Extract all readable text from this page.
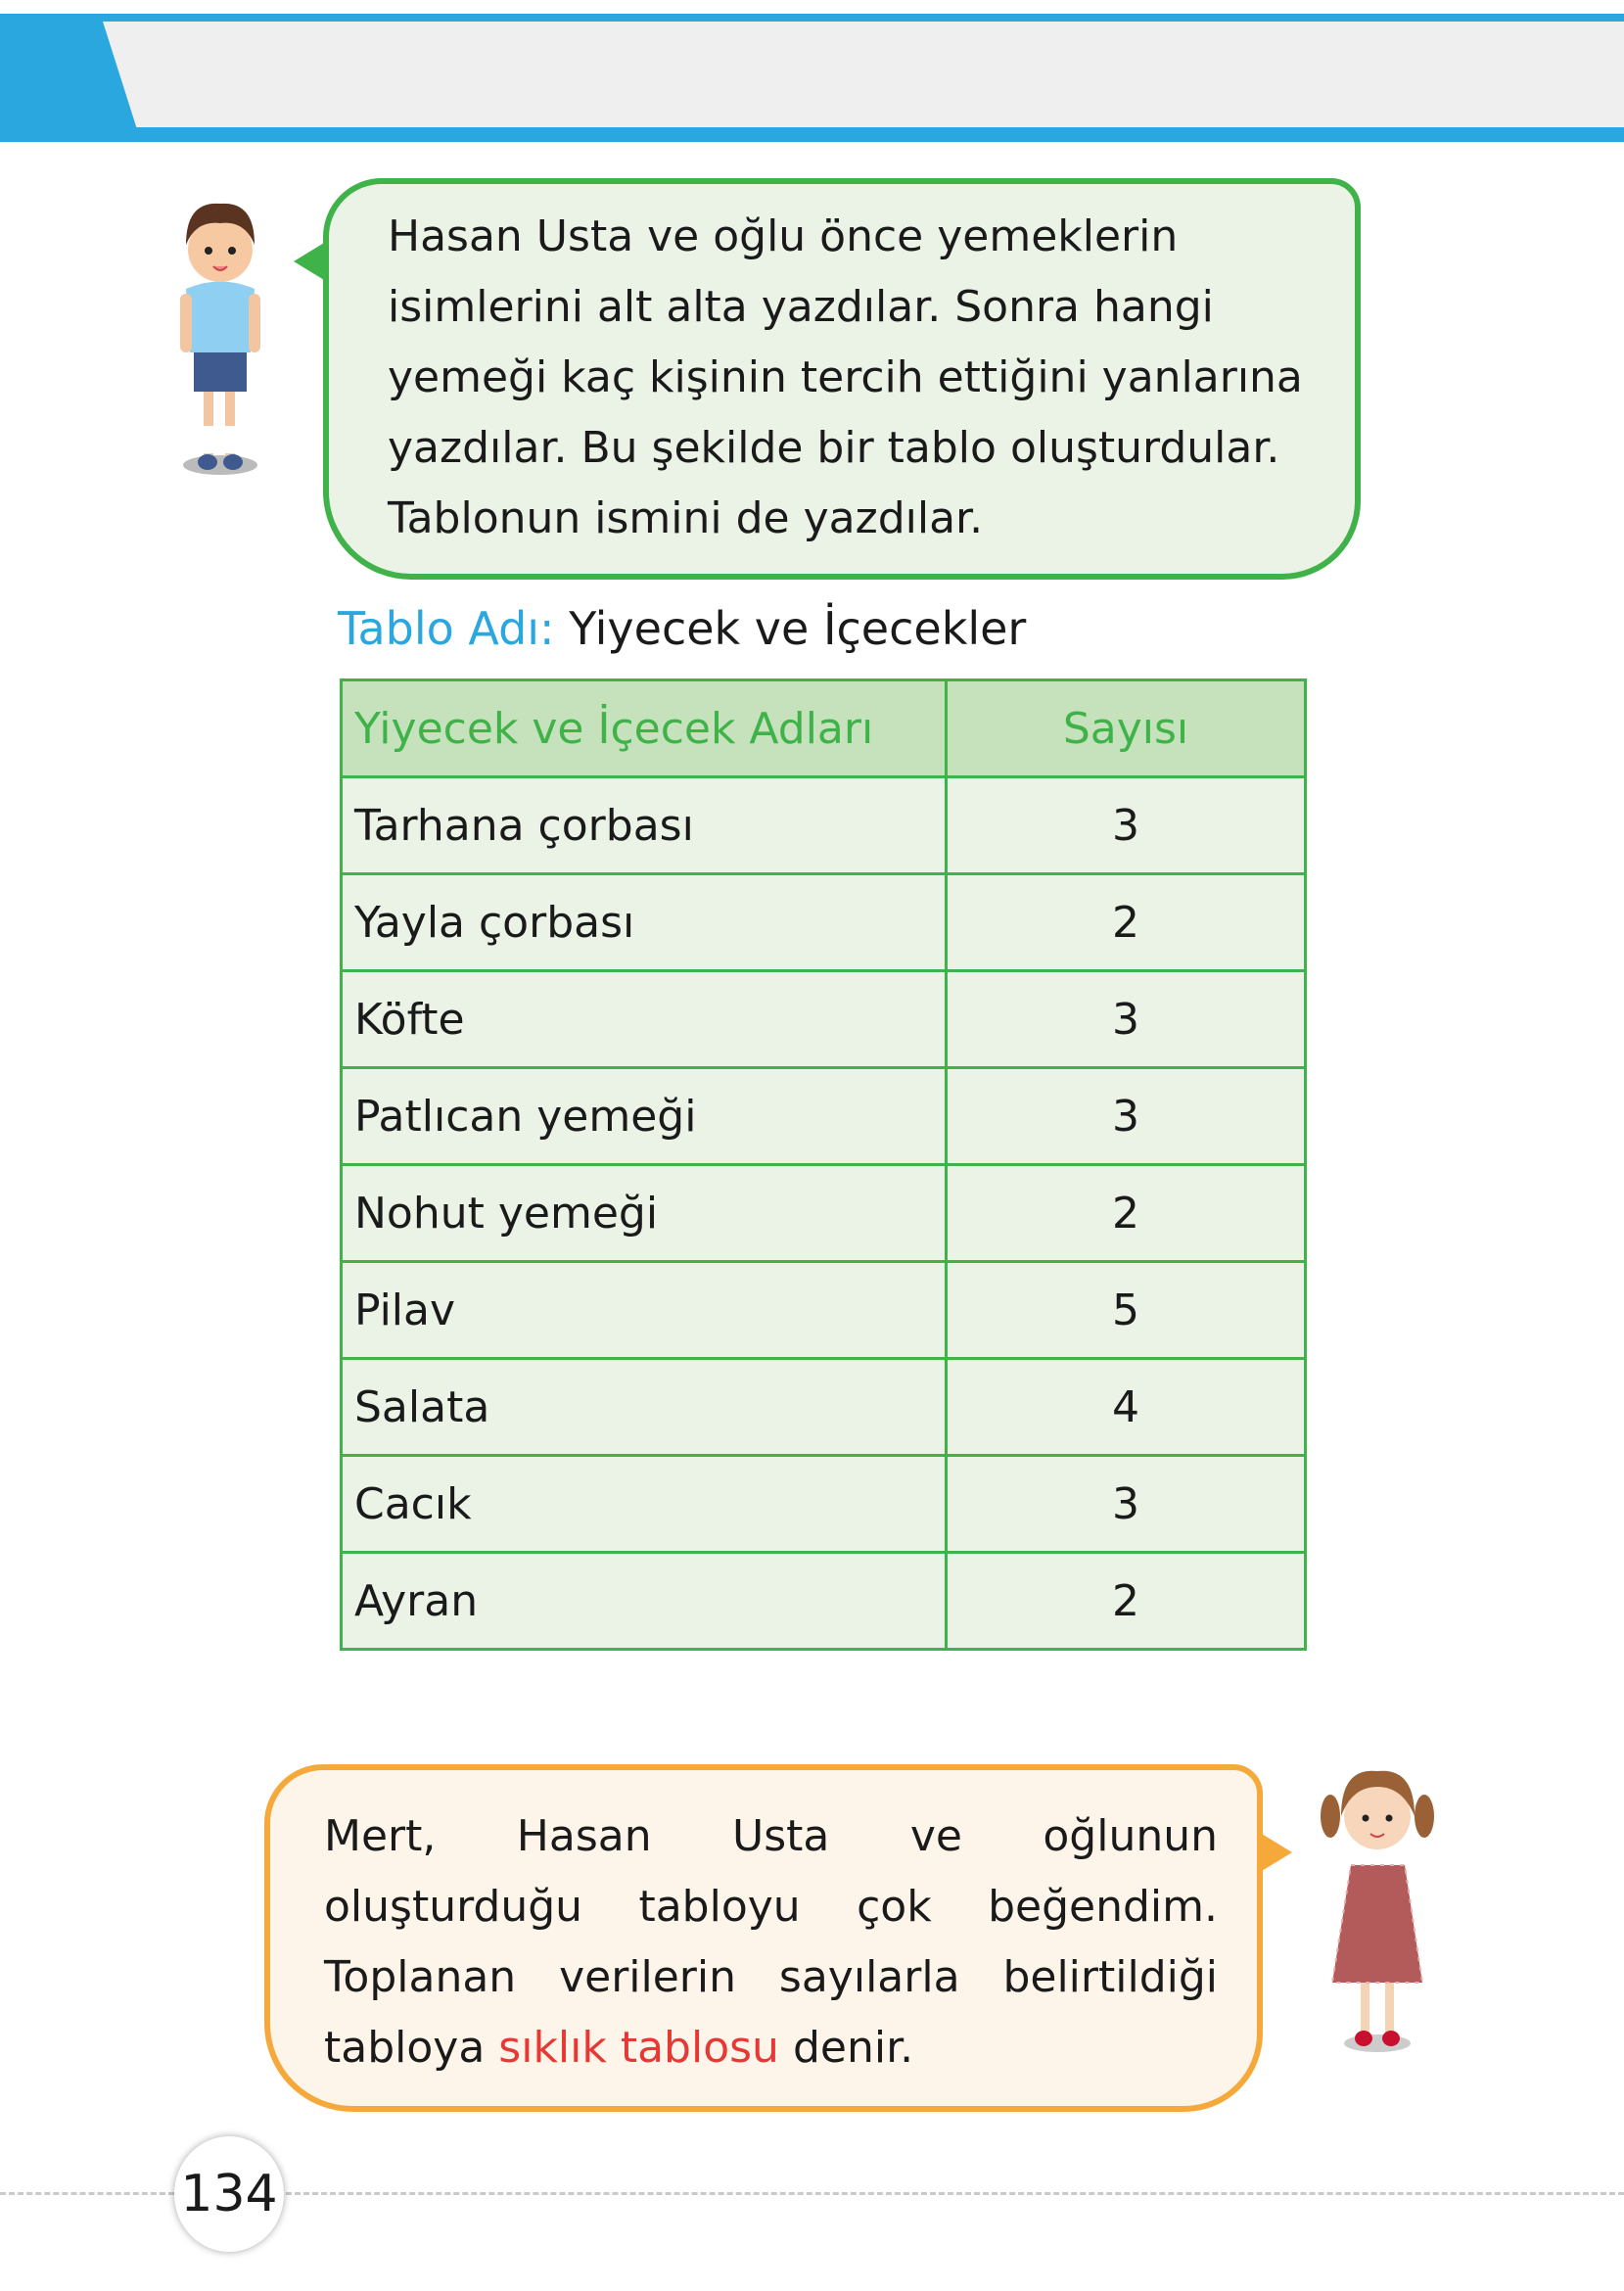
Hasan Usta ve oğlu önce yemeklerin isimlerini alt alta yazdılar. Sonra hangi yemeği kaç kişinin tercih ettiğini yanlarına yazdılar. Bu şekilde bir tablo oluşturdular. Tablonun ismini de yazdılar.
Tablo Adı: Yiyecek ve İçecekler
Yiyecek ve İçecek Adları	Sayısı
Tarhana çorbası	3
Yayla çorbası	2
Köfte	3
Patlıcan yemeği	3
Nohut yemeği	2
Pilav	5
Salata	4
Cacık	3
Ayran	2
Mert, Hasan Usta ve oğlunun oluşturduğu tabloyu çok beğendim. Toplanan verilerin sayılarla belirtildiği tabloya sıklık tablosu denir.
134
